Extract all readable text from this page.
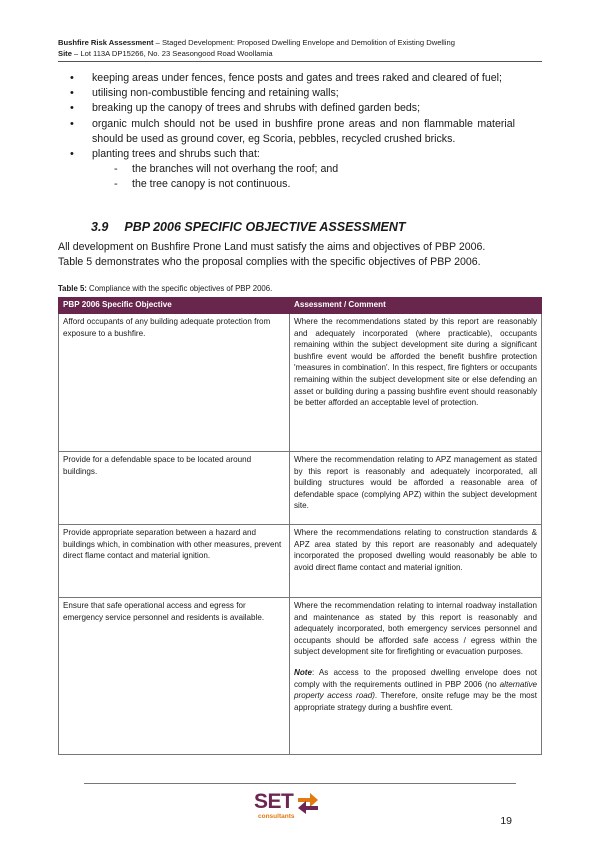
Bushfire Risk Assessment – Staged Development: Proposed Dwelling Envelope and Demolition of Existing Dwelling
Site – Lot 113A DP15266, No. 23 Seasongood Road Woollamia
• keeping areas under fences, fence posts and gates and trees raked and cleared of fuel;
• utilising non-combustible fencing and retaining walls;
• breaking up the canopy of trees and shrubs with defined garden beds;
• organic mulch should not be used in bushfire prone areas and non flammable material should be used as ground cover, eg Scoria, pebbles, recycled crushed bricks.
• planting trees and shrubs such that:
- the branches will not overhang the roof; and
- the tree canopy is not continuous.
3.9 PBP 2006 SPECIFIC OBJECTIVE ASSESSMENT

All development on Bushfire Prone Land must satisfy the aims and objectives of PBP 2006.

Table 5 demonstrates who the proposal complies with the specific objectives of PBP 2006.

Table 5: Compliance with the specific objectives of PBP 2006.
PBP 2006 Specific Objective	Assessment / Comment
Afford occupants of any building adequate protection from exposure to a bushfire.	Where the recommendations stated by this report are reasonably and adequately incorporated (where practicable), occupants remaining within the subject development site during a significant bushfire event would be afforded the benefit bushfire protection 'measures in combination'. In this respect, fire fighters or occupants remaining within the subject development site or else defending an asset or building during a passing bushfire event should reasonably be better afforded an acceptable level of protection.

Provide for a defendable space to be located around buildings.	Where the recommendation relating to APZ management as stated by this report is reasonably and adequately incorporated, all building structures would be afforded a reasonable area of defendable space (complying APZ) within the subject development site.

Provide appropriate separation between a hazard and buildings which, in combination with other measures, prevent direct flame contact and material ignition.	Where the recommendations relating to construction standards & APZ area stated by this report are reasonably and adequately incorporated the proposed dwelling would reasonably be able to avoid direct flame contact and material ignition.

Ensure that safe operational access and egress for emergency service personnel and residents is available.	Where the recommendation relating to internal roadway installation and maintenance as stated by this report is reasonably and adequately incorporated, both emergency services personnel and occupants should be afforded safe access / egress within the subject development site for firefighting or evacuation purposes.

Note: As access to the proposed dwelling envelope does not comply with the requirements outlined in PBP 2006 (no alternative property access road). Therefore, onsite refuge may be the most appropriate strategy during a bushfire event.

SET
consultants	19
